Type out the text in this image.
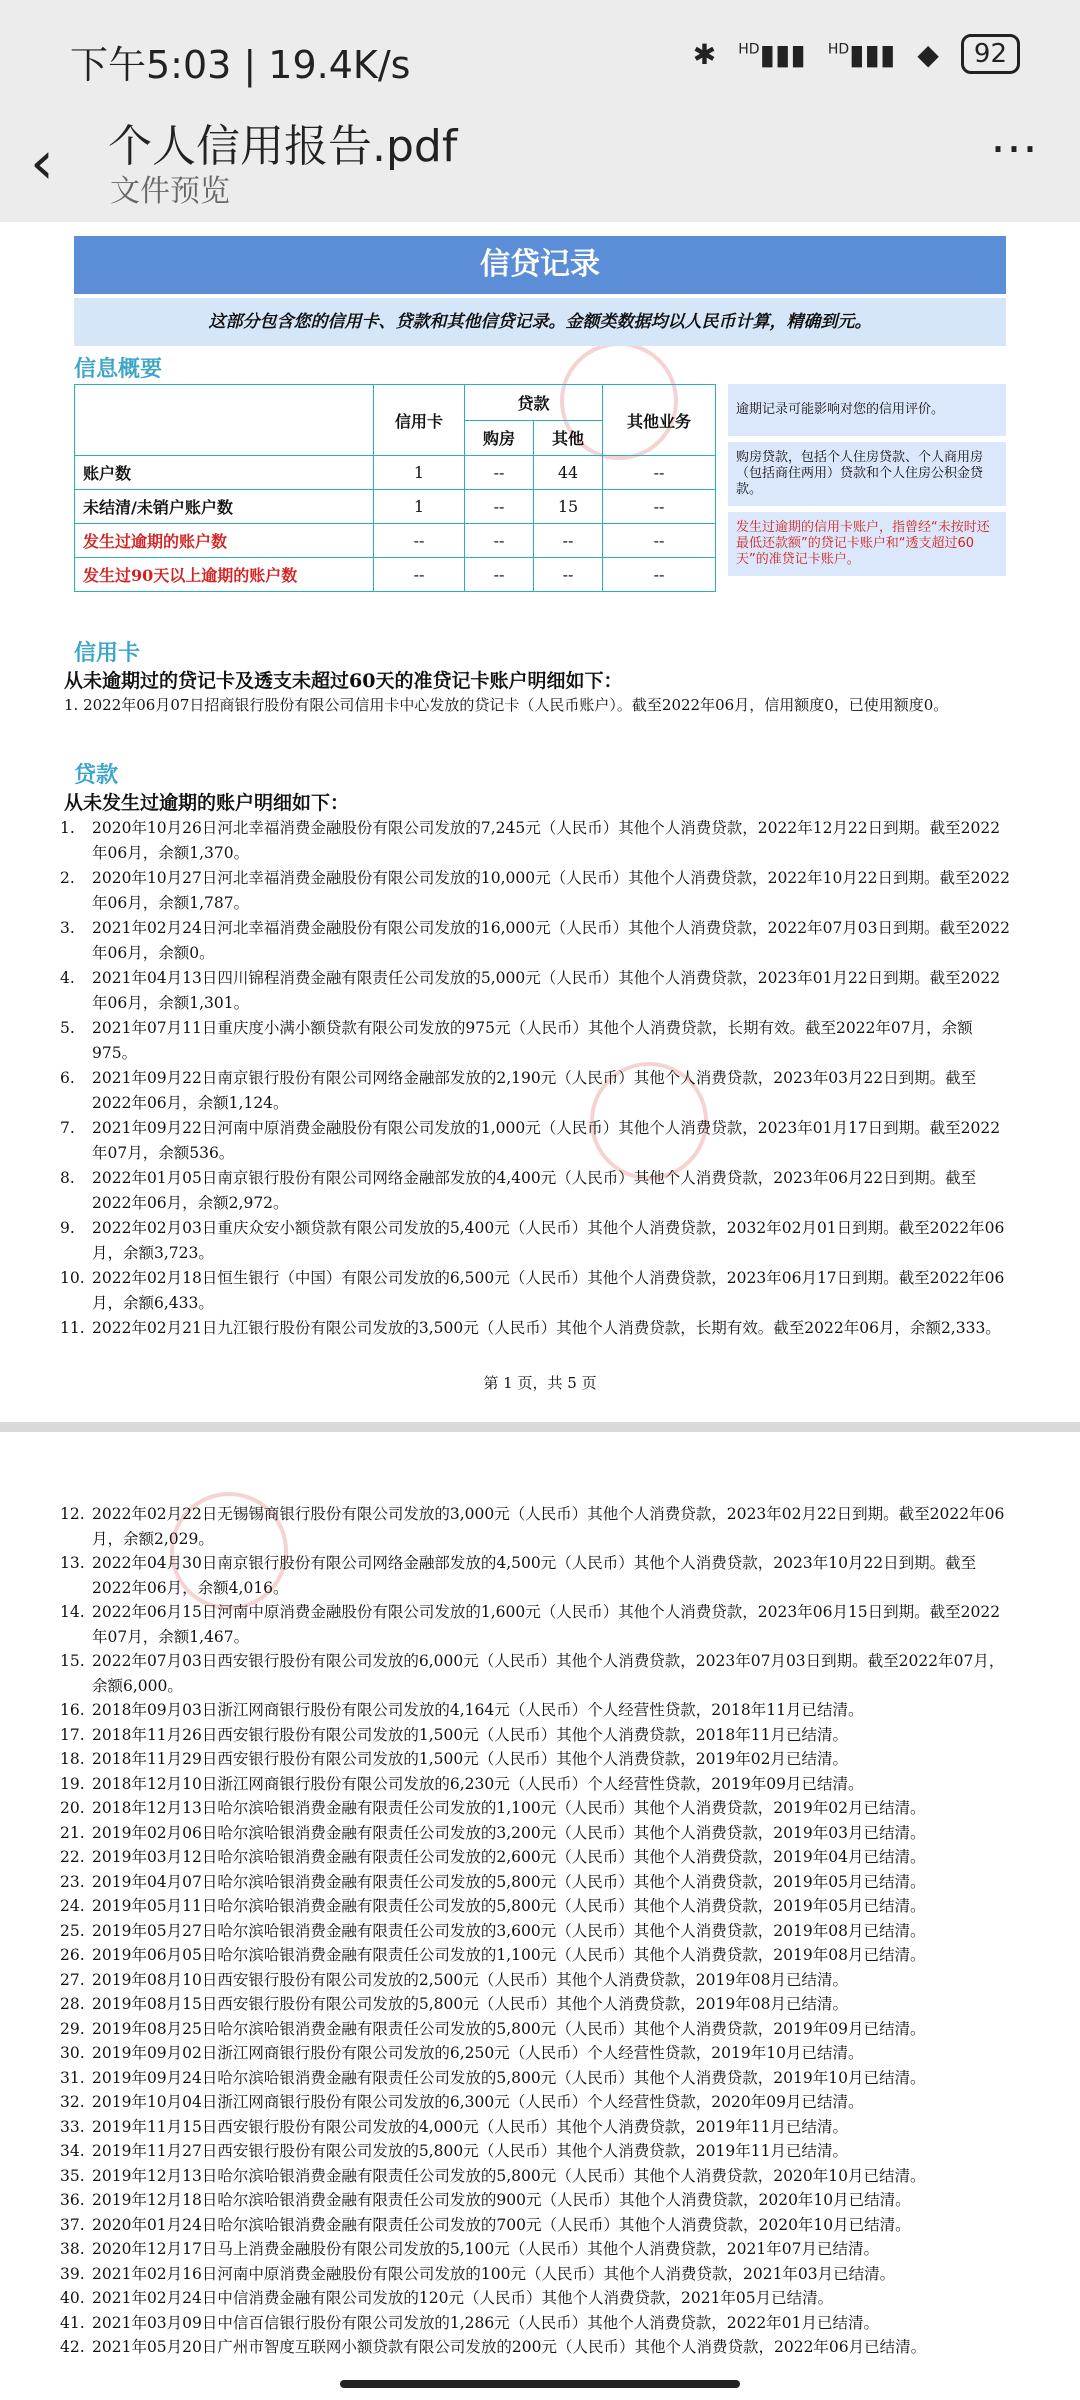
下午5:03 | 19.4K/s	✱ $^{HD}$▮▮▮ $^{HD}$▮▮▮ ◆	92
‹ 个人信用报告.pdf
文件预览
⋯
信贷记录
这部分包含您的信用卡、贷款和其他信贷记录。金额类数据均以人民币计算，精确到元。
信息概要
	信用卡	贷款		其他业务
		购房	其他	
账户数	1	--	44	--
未结清/未销户账户数	1	--	15	--
发生过逾期的账户数	--	--	--	--
发生过90天以上逾期的账户数	--	--	--	--
逾期记录可能影响对您的信用评价。
购房贷款，包括个人住房贷款、个人商用房（包括商住两用）贷款和个人住房公积金贷款。
发生过逾期的信用卡账户，指曾经“未按时还最低还款额”的贷记卡账户和“透支超过60天”的准贷记卡账户。
信用卡
从未逾期过的贷记卡及透支未超过60天的准贷记卡账户明细如下：
1. 2022年06月07日招商银行股份有限公司信用卡中心发放的贷记卡（人民币账户）。截至2022年06月，信用额度0，已使用额度0。
贷款
从未发生过逾期的账户明细如下：
1.	2020年10月26日河北幸福消费金融股份有限公司发放的7,245元（人民币）其他个人消费贷款，2022年12月22日到期。截至2022年06月，余额1,370。
2.	2020年10月27日河北幸福消费金融股份有限公司发放的10,000元（人民币）其他个人消费贷款，2022年10月22日到期。截至2022年06月，余额1,787。
3.	2021年02月24日河北幸福消费金融股份有限公司发放的16,000元（人民币）其他个人消费贷款，2022年07月03日到期。截至2022年06月，余额0。
4.	2021年04月13日四川锦程消费金融有限责任公司发放的5,000元（人民币）其他个人消费贷款，2023年01月22日到期。截至2022年06月，余额1,301。
5.	2021年07月11日重庆度小满小额贷款有限公司发放的975元（人民币）其他个人消费贷款，长期有效。截至2022年07月，余额975。
6.	2021年09月22日南京银行股份有限公司网络金融部发放的2,190元（人民币）其他个人消费贷款，2023年03月22日到期。截至2022年06月，余额1,124。
7.	2021年09月22日河南中原消费金融股份有限公司发放的1,000元（人民币）其他个人消费贷款，2023年01月17日到期。截至2022年07月，余额536。
8.	2022年01月05日南京银行股份有限公司网络金融部发放的4,400元（人民币）其他个人消费贷款，2023年06月22日到期。截至2022年06月，余额2,972。
9.	2022年02月03日重庆众安小额贷款有限公司发放的5,400元（人民币）其他个人消费贷款，2032年02月01日到期。截至2022年06月，余额3,723。
10. 2022年02月18日恒生银行（中国）有限公司发放的6,500元（人民币）其他个人消费贷款，2023年06月17日到期。截至2022年06月，余额6,433。
11. 2022年02月21日九江银行股份有限公司发放的3,500元（人民币）其他个人消费贷款，长期有效。截至2022年06月，余额2,333。
第 1 页，共 5 页
12. 2022年02月22日无锡锡商银行股份有限公司发放的3,000元（人民币）其他个人消费贷款，2023年02月22日到期。截至2022年06月，余额2,029。
13. 2022年04月30日南京银行股份有限公司网络金融部发放的4,500元（人民币）其他个人消费贷款，2023年10月22日到期。截至2022年06月，余额4,016。
14. 2022年06月15日河南中原消费金融股份有限公司发放的1,600元（人民币）其他个人消费贷款，2023年06月15日到期。截至2022年07月，余额1,467。
15. 2022年07月03日西安银行股份有限公司发放的6,000元（人民币）其他个人消费贷款，2023年07月03日到期。截至2022年07月，余额6,000。
16. 2018年09月03日浙江网商银行股份有限公司发放的4,164元（人民币）个人经营性贷款，2018年11月已结清。
17. 2018年11月26日西安银行股份有限公司发放的1,500元（人民币）其他个人消费贷款，2018年11月已结清。
18. 2018年11月29日西安银行股份有限公司发放的1,500元（人民币）其他个人消费贷款，2019年02月已结清。
19. 2018年12月10日浙江网商银行股份有限公司发放的6,230元（人民币）个人经营性贷款，2019年09月已结清。
20. 2018年12月13日哈尔滨哈银消费金融有限责任公司发放的1,100元（人民币）其他个人消费贷款，2019年02月已结清。
21. 2019年02月06日哈尔滨哈银消费金融有限责任公司发放的3,200元（人民币）其他个人消费贷款，2019年03月已结清。
22. 2019年03月12日哈尔滨哈银消费金融有限责任公司发放的2,600元（人民币）其他个人消费贷款，2019年04月已结清。
23. 2019年04月07日哈尔滨哈银消费金融有限责任公司发放的5,800元（人民币）其他个人消费贷款，2019年05月已结清。
24. 2019年05月11日哈尔滨哈银消费金融有限责任公司发放的5,800元（人民币）其他个人消费贷款，2019年05月已结清。
25. 2019年05月27日哈尔滨哈银消费金融有限责任公司发放的3,600元（人民币）其他个人消费贷款，2019年08月已结清。
26. 2019年06月05日哈尔滨哈银消费金融有限责任公司发放的1,100元（人民币）其他个人消费贷款，2019年08月已结清。
27. 2019年08月10日西安银行股份有限公司发放的2,500元（人民币）其他个人消费贷款，2019年08月已结清。
28. 2019年08月15日西安银行股份有限公司发放的5,800元（人民币）其他个人消费贷款，2019年08月已结清。
29. 2019年08月25日哈尔滨哈银消费金融有限责任公司发放的5,800元（人民币）其他个人消费贷款，2019年09月已结清。
30. 2019年09月02日浙江网商银行股份有限公司发放的6,250元（人民币）个人经营性贷款，2019年10月已结清。
31. 2019年09月24日哈尔滨哈银消费金融有限责任公司发放的5,800元（人民币）其他个人消费贷款，2019年10月已结清。
32. 2019年10月04日浙江网商银行股份有限公司发放的6,300元（人民币）个人经营性贷款，2020年09月已结清。
33. 2019年11月15日西安银行股份有限公司发放的4,000元（人民币）其他个人消费贷款，2019年11月已结清。
34. 2019年11月27日西安银行股份有限公司发放的5,800元（人民币）其他个人消费贷款，2019年11月已结清。
35. 2019年12月13日哈尔滨哈银消费金融有限责任公司发放的5,800元（人民币）其他个人消费贷款，2020年10月已结清。
36. 2019年12月18日哈尔滨哈银消费金融有限责任公司发放的900元（人民币）其他个人消费贷款，2020年10月已结清。
37. 2020年01月24日哈尔滨哈银消费金融有限责任公司发放的700元（人民币）其他个人消费贷款，2020年10月已结清。
38. 2020年12月17日马上消费金融股份有限公司发放的5,100元（人民币）其他个人消费贷款，2021年07月已结清。
39. 2021年02月16日河南中原消费金融股份有限公司发放的100元（人民币）其他个人消费贷款，2021年03月已结清。
40. 2021年02月24日中信消费金融有限公司发放的120元（人民币）其他个人消费贷款，2021年05月已结清。
41. 2021年03月09日中信百信银行股份有限公司发放的1,286元（人民币）其他个人消费贷款，2022年01月已结清。
42. 2021年05月20日广州市智度互联网小额贷款有限公司发放的200元（人民币）其他个人消费贷款，2022年06月已结清。
